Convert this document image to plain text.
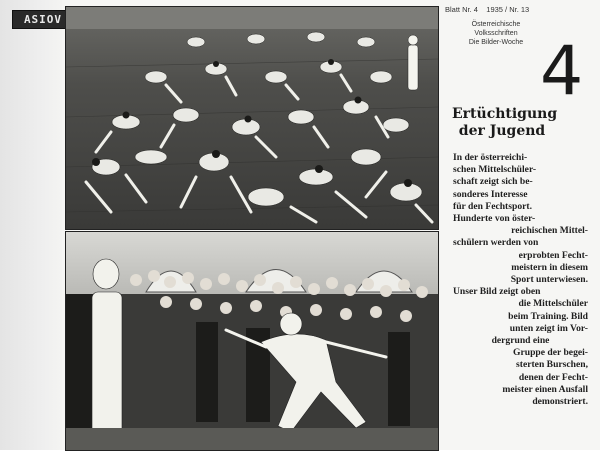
ASIOV
Blatt Nr. 4 1935 / Nr. 13
Österreichische
Volksschriften
Die Bilder-Woche 4
Ertüchtigung
der Jugend
In der österreichi-
schen Mittelschüler-
schaft zeigt sich be-
sonderes Interesse
für den Fechtsport.
Hunderte von öster-
reichischen Mittel-
schülern werden von
erprobten Fecht-
meistern in diesem
Sport unterwiesen.
Unser Bild zeigt oben
die Mittelschüler
beim Training. Bild
unten zeigt im Vor-
dergrund eine
Gruppe der begei-
sterten Burschen,
denen der Fecht-
meister einen Ausfall
demonstriert.
